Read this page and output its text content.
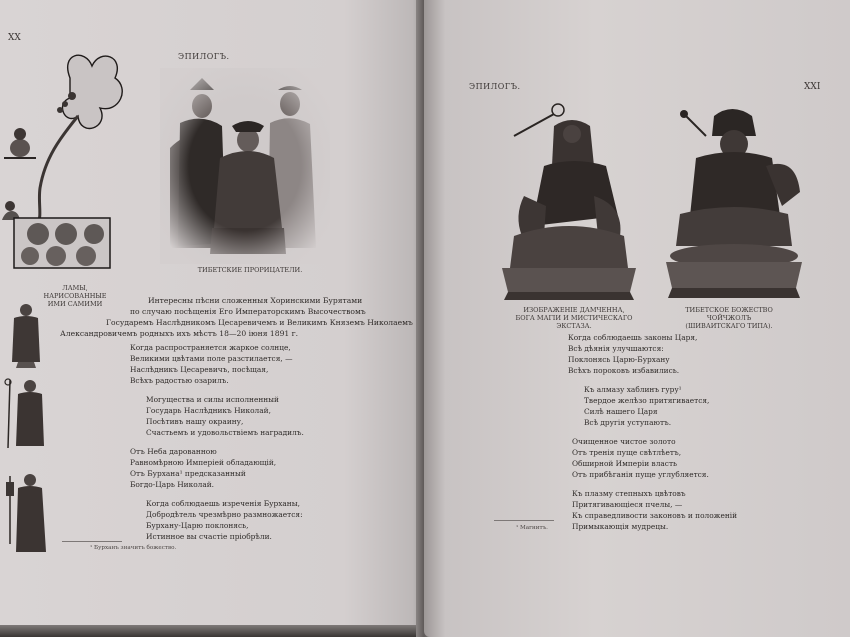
XX
ЭПИЛОГЪ.
ЛАМЫ, НАРИСОВАННЫЕ
ИМИ САМИМИ
ТИБЕТСКИЕ ПРОРИЦАТЕЛИ.
Интересны пѣсни сложенныя Хоринскими Бурятами
по случаю посѣщенія Его Императорскимъ Высочествомъ
Государемъ Наслѣдникомъ Цесаревичемъ и Великимъ Княземъ Николаемъ
Александровичемъ родныхъ ихъ мѣстъ 18—20 іюня 1891 г.
Когда распространяется жаркое солнце,
Великими цвѣтами поле разстилается, —
Наслѣдникъ Цесаревичъ, посѣщая,
Всѣхъ радостью озарилъ.
Могущества и силы исполненный
Государь Наслѣдникъ Николай,
Посѣтивъ нашу окраину,
Счастьемъ и удовольствіемъ наградилъ.
Отъ Неба дарованною
Равномѣрною Имперіей обладающій,
Отъ Бурхана¹ предсказанный
Богдо-Царь Николай.
Когда соблюдаешь изреченія Бурханы,
Добродѣтель чрезмѣрно размножается:
Бурхану-Царю поклонясь,
Истинное вы счастіе пріобрѣли.
¹ Бурханъ значитъ божество.
ЭПИЛОГЪ.	XXI
ИЗОБРАЖЕНІЕ ДАМЧЕННА,
БОГА МАГІИ И МИСТИЧЕСКАГО ЭКСТАЗА.
ТИБЕТСКОЕ БОЖЕСТВО ЧОЙЧЖОЛЪ
(ШИВАИТСКАГО ТИПА).
Когда соблюдаешь законы Царя,
Всѣ дѣянія улучшаются:
Поклонясь Царю-Бурхану
Всѣхъ пороковъ избавились.
Къ алмазу хаблинъ гуру¹
Твердое желѣзо притягивается,
Силѣ нашего Царя
Всѣ другія уступаютъ.
Очищенное чистое золото
Отъ тренія пуще свѣтлѣетъ,
Обширной Имперіи власть
Отъ прибѣганія пуще углубляется.
Къ плазму степныхъ цвѣтовъ
Притягивающіеся пчелы, —
Къ справедливости законовъ и положеній
Примыкающія мудрецы.
¹ Магнитъ.
